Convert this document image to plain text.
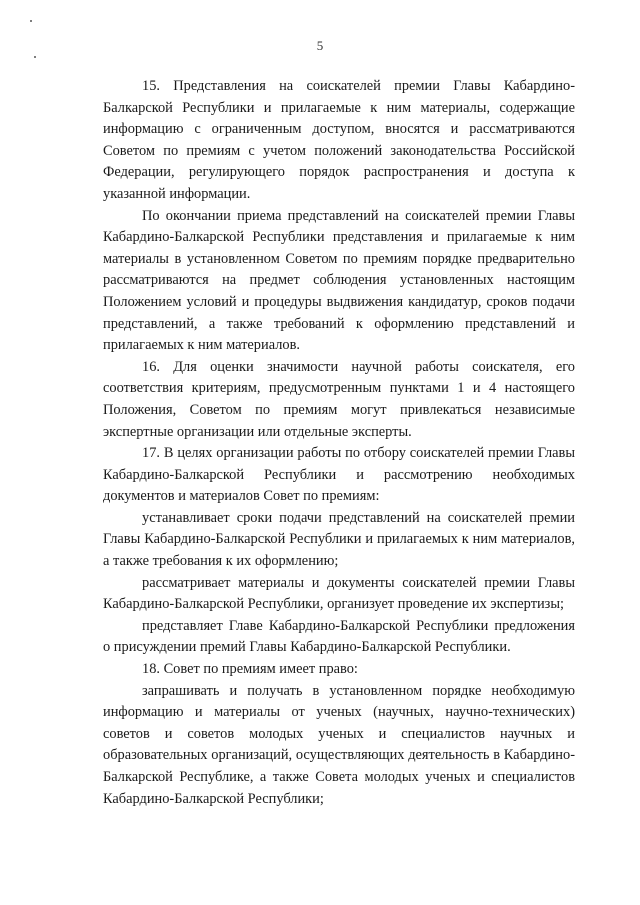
5

15. Представления на соискателей премии Главы Кабардино-Балкарской Республики и прилагаемые к ним материалы, содержащие информацию с ограниченным доступом, вносятся и рассматриваются Советом по премиям с учетом положений законодательства Российской Федерации, регулирующего порядок распространения и доступа к указанной информации.

По окончании приема представлений на соискателей премии Главы Кабардино-Балкарской Республики представления и прилагаемые к ним материалы в установленном Советом по премиям порядке предварительно рассматриваются на предмет соблюдения установленных настоящим Положением условий и процедуры выдвижения кандидатур, сроков подачи представлений, а также требований к оформлению представлений и прилагаемых к ним материалов.

16. Для оценки значимости научной работы соискателя, его соответствия критериям, предусмотренным пунктами 1 и 4 настоящего Положения, Советом по премиям могут привлекаться независимые экспертные организации или отдельные эксперты.

17. В целях организации работы по отбору соискателей премии Главы Кабардино-Балкарской Республики и рассмотрению необходимых документов и материалов Совет по премиям:

устанавливает сроки подачи представлений на соискателей премии Главы Кабардино-Балкарской Республики и прилагаемых к ним материалов, а также требования к их оформлению;

рассматривает материалы и документы соискателей премии Главы Кабардино-Балкарской Республики, организует проведение их экспертизы;

представляет Главе Кабардино-Балкарской Республики предложения о присуждении премий Главы Кабардино-Балкарской Республики.

18. Совет по премиям имеет право:

запрашивать и получать в установленном порядке необходимую информацию и материалы от ученых (научных, научно-технических) советов и советов молодых ученых и специалистов научных и образовательных организаций, осуществляющих деятельность в Кабардино-Балкарской Республике, а также Совета молодых ученых и специалистов Кабардино-Балкарской Республики;
